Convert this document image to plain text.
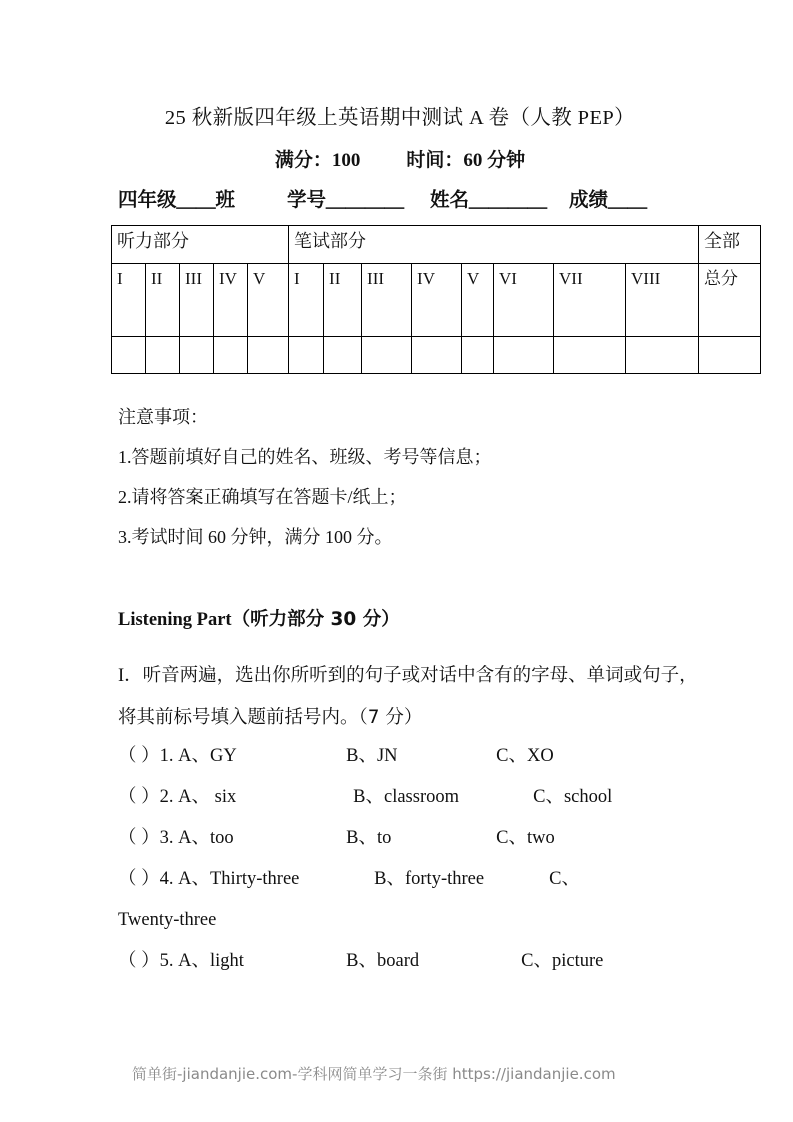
25 秋新版四年级上英语期中测试 A 卷（人教 PEP）
满分：100 时间：60 分钟
四年级＿＿班	学号＿＿＿＿ 姓名＿＿＿＿ 成绩＿＿
听力部分					笔试部分								全部
I	II	III	IV	V	I	II	III	IV	V	VI	VII	VIII	总分

注意事项：
1.答题前填好自己的姓名、班级、考号等信息；
2.请将答案正确填写在答题卡/纸上；
3.考试时间 60 分钟，满分 100 分。
Listening Part（听力部分 30 分）
I．听音两遍，选出你所听到的句子或对话中含有的字母、单词或句子，将其前标号填入题前括号内。（7 分）
（ ）1. A、GY	B、JN	C、XO
（ ）2. A、 six	B、classroom	C、school
（ ）3. A、too	B、to	C、two
（ ）4. A、Thirty-three	B、forty-three	C、
Twenty-three
（ ）5. A、light	B、board	C、picture
简单街-jiandanjie.com-学科网简单学习一条街 https://jiandanjie.com
